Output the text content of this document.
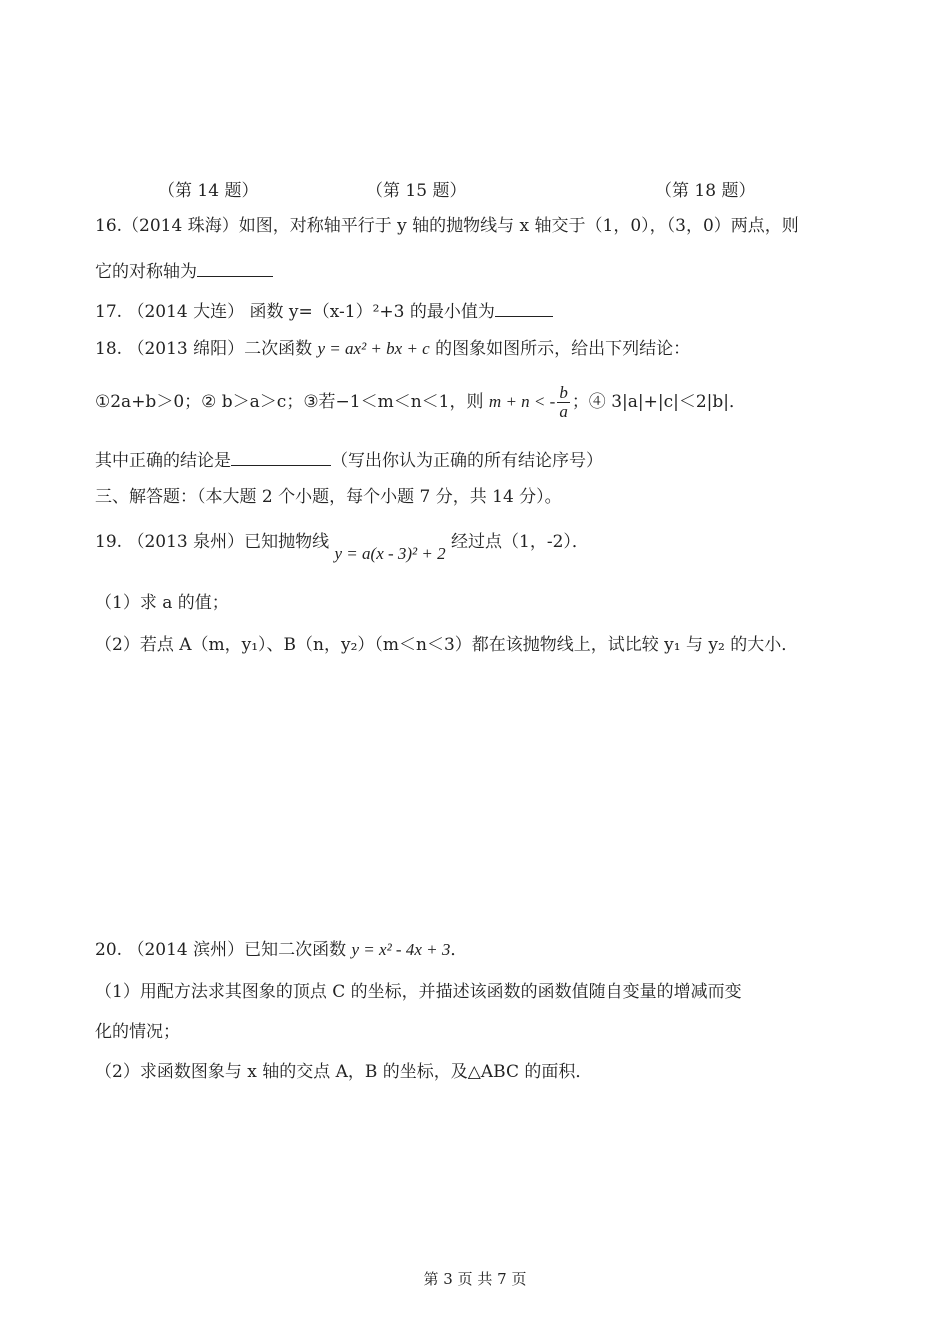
（第 14 题）	（第 15 题）	（第 18 题）
16.（2014 珠海）如图，对称轴平行于 y 轴的抛物线与 x 轴交于（1，0），（3，0）两点，则
它的对称轴为
17. （2014 大连） 函数 y=（x-1）²+3 的最小值为
18. （2013 绵阳）二次函数 y = ax² + bx + c 的图象如图所示，给出下列结论：
①2a+b＞0；② b＞a＞c；③若−1＜m＜n＜1，则 m + n < - $\frac{b}{a}$ ；④ 3|a|+|c|＜2|b|．
其中正确的结论是	（写出你认为正确的所有结论序号）
三、解答题：（本大题 2 个小题，每个小题 7 分，共 14 分）。
19. （2013 泉州）已知抛物线 y = a(x - 3)² + 2 经过点（1，-2）．
（1）求 a 的值；
（2）若点 A（m，y₁）、B（n，y₂）（m＜n＜3）都在该抛物线上，试比较 y₁ 与 y₂ 的大小．
20. （2014 滨州）已知二次函数 y = x² - 4x + 3．
（1）用配方法求其图象的顶点 C 的坐标，并描述该函数的函数值随自变量的增减而变
化的情况；
（2）求函数图象与 x 轴的交点 A，B 的坐标，及△ABC 的面积．
第 3 页 共 7 页
